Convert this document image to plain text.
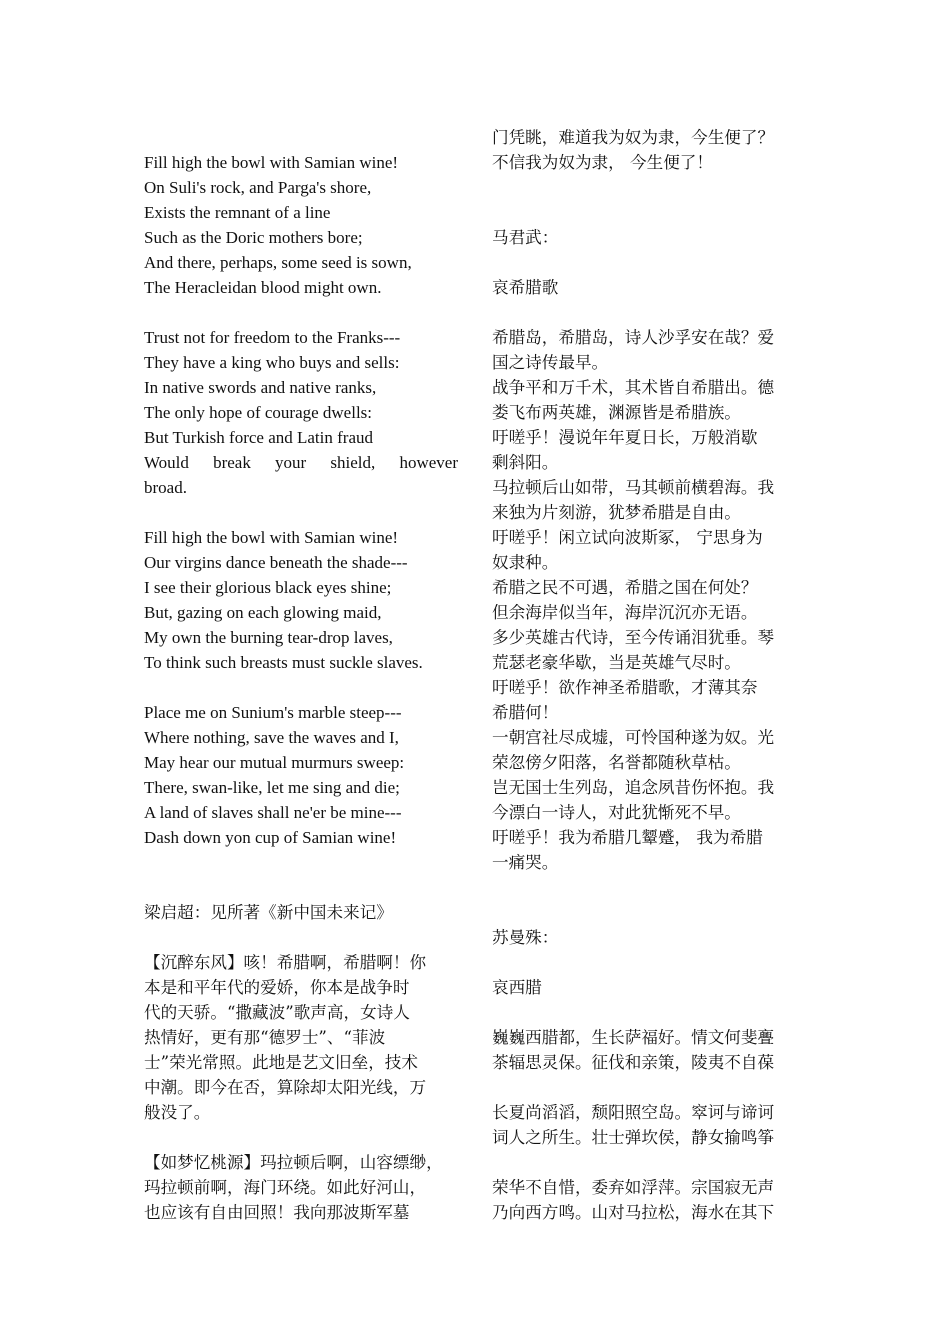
Fill high the bowl with Samian wine!
On Suli's rock, and Parga's shore,
Exists the remnant of a line
Such as the Doric mothers bore;
And there, perhaps, some seed is sown,
The Heracleidan blood might own.
Trust not for freedom to the Franks---
They have a king who buys and sells:
In native swords and native ranks,
The only hope of courage dwells:
But Turkish force and Latin fraud
Would break your shield, however
broad.
Fill high the bowl with Samian wine!
Our virgins dance beneath the shade---
I see their glorious black eyes shine;
But, gazing on each glowing maid,
My own the burning tear-drop laves,
To think such breasts must suckle slaves.
Place me on Sunium's marble steep---
Where nothing, save the waves and I,
May hear our mutual murmurs sweep:
There, swan-like, let me sing and die;
A land of slaves shall ne'er be mine---
Dash down yon cup of Samian wine!
梁启超：见所著《新中国未来记》
【沉醉东风】咳！希腊啊，希腊啊！你
本是和平年代的爱娇，你本是战争时
代的天骄。“撒藏波”歌声高，女诗人
热情好，更有那“德罗士”、“菲波
士”荣光常照。此地是艺文旧垒，技术
中潮。即今在否，算除却太阳光线，万
般没了。
【如梦忆桃源】玛拉顿后啊，山容缥缈，
玛拉顿前啊，海门环绕。如此好河山，
也应该有自由回照！我向那波斯军墓
门凭眺，难道我为奴为隶，今生便了？
不信我为奴为隶， 今生便了！
马君武：
哀希腊歌
希腊岛，希腊岛，诗人沙孚安在哉？爱
国之诗传最早。
战争平和万千术，其术皆自希腊出。德
娄飞布两英雄，渊源皆是希腊族。
吁嗟乎！漫说年年夏日长，万般消歇
剩斜阳。
马拉顿后山如带，马其顿前横碧海。我
来独为片刻游，犹梦希腊是自由。
吁嗟乎！闲立试向波斯冢， 宁思身为
奴隶种。
希腊之民不可遇，希腊之国在何处？
但余海岸似当年，海岸沉沉亦无语。
多少英雄古代诗，至今传诵泪犹垂。琴
荒瑟老豪华歇，当是英雄气尽时。
吁嗟乎！欲作神圣希腊歌，才薄其奈
希腊何！
一朝宫社尽成墟，可怜国种遂为奴。光
荣忽傍夕阳落，名誉都随秋草枯。
岂无国士生列岛，追念夙昔伤怀抱。我
今漂白一诗人，对此犹惭死不早。
吁嗟乎！我为希腊几颦蹙， 我为希腊
一痛哭。
苏曼殊：
哀西腊
巍巍西腊都，生长萨福好。情文何斐亹
茶辐思灵保。征伐和亲策，陵夷不自葆
长夏尚滔滔，颓阳照空岛。窣诃与谛诃
词人之所生。壮士弹坎侯，静女揄鸣筝
荣华不自惜，委弃如浮萍。宗国寂无声
乃向西方鸣。山对马拉松，海水在其下
